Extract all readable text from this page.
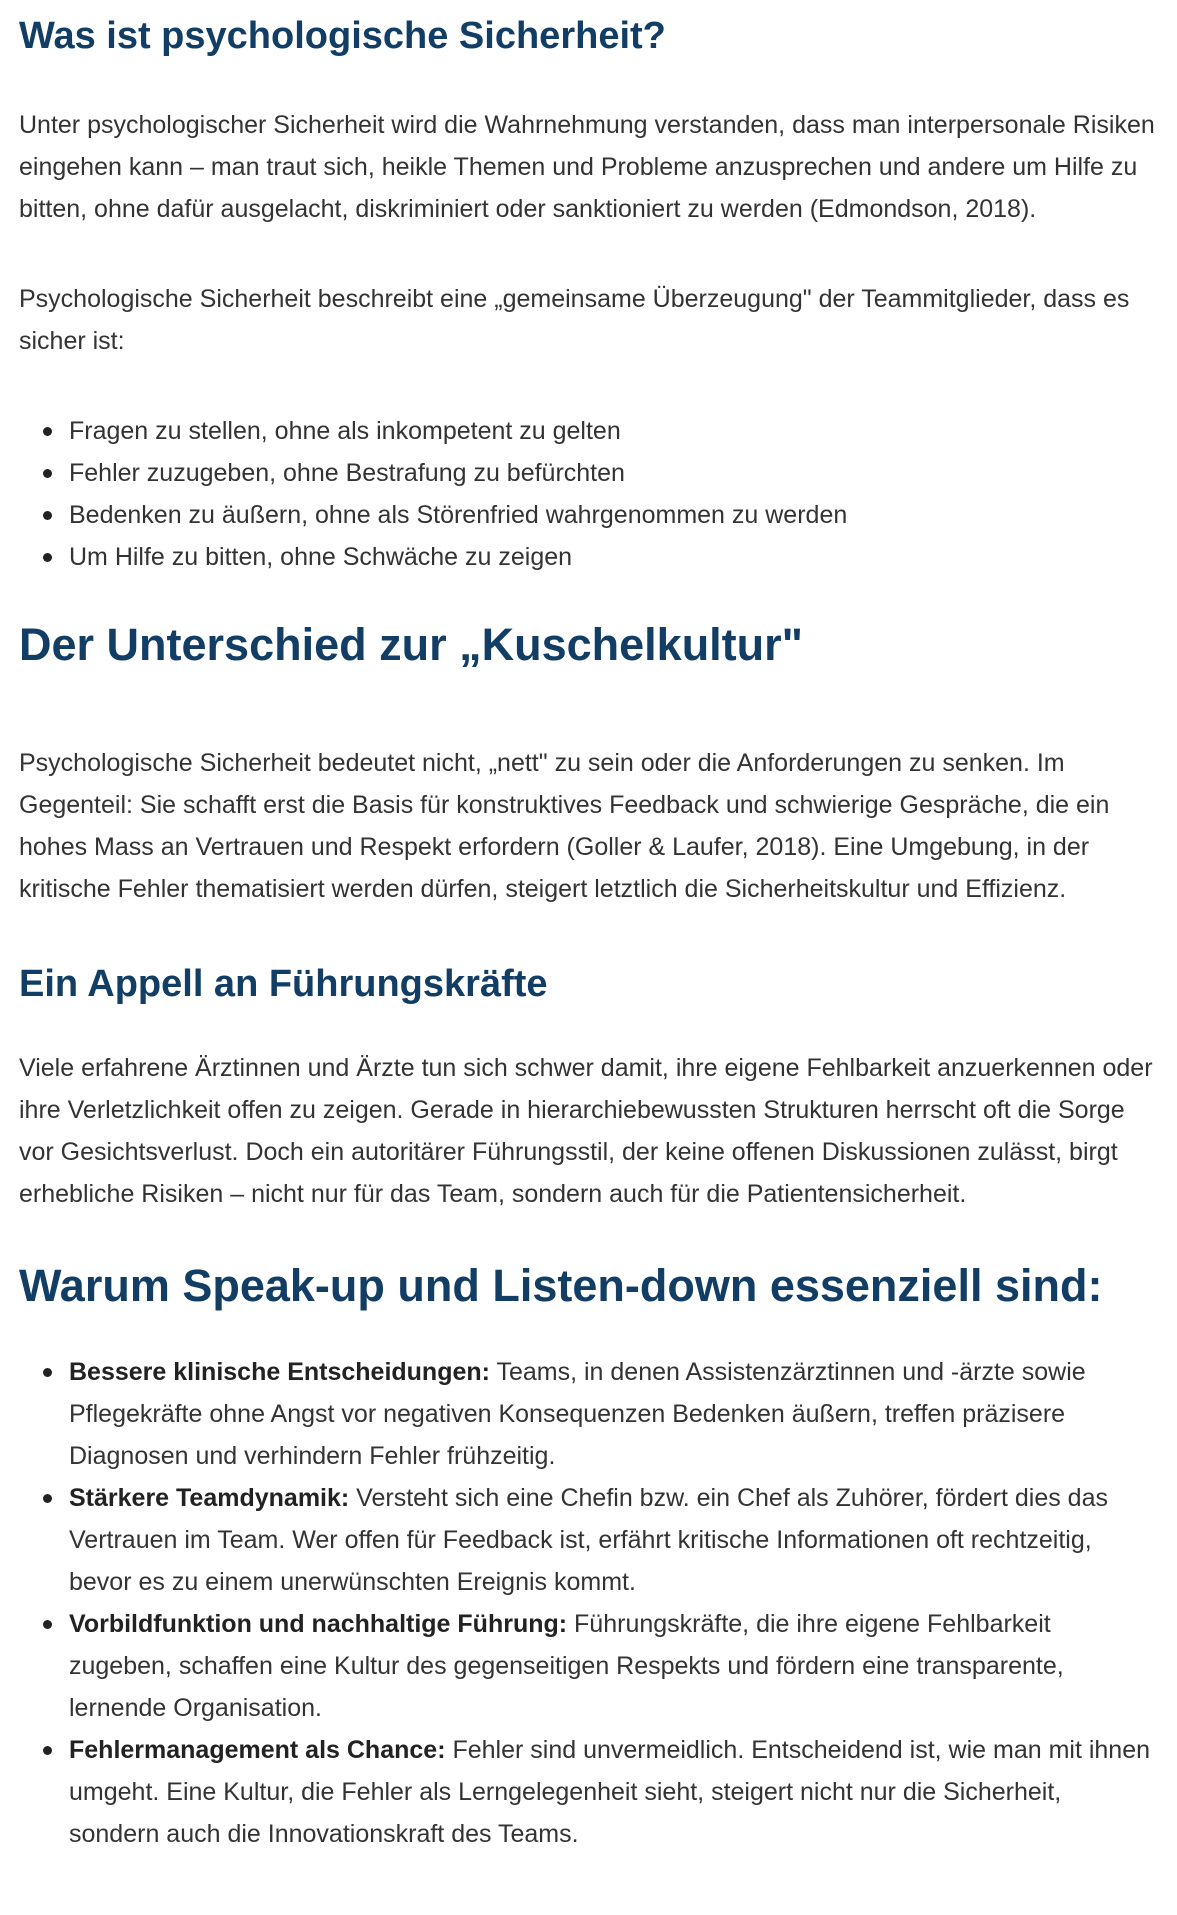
Was ist psychologische Sicherheit?

Unter psychologischer Sicherheit wird die Wahrnehmung verstanden, dass man interpersonale Risiken eingehen kann – man traut sich, heikle Themen und Probleme anzusprechen und andere um Hilfe zu bitten, ohne dafür ausgelacht, diskriminiert oder sanktioniert zu werden (Edmondson, 2018).

Psychologische Sicherheit beschreibt eine „gemeinsame Überzeugung" der Teammitglieder, dass es sicher ist:

Fragen zu stellen, ohne als inkompetent zu gelten
Fehler zuzugeben, ohne Bestrafung zu befürchten
Bedenken zu äußern, ohne als Störenfried wahrgenommen zu werden
Um Hilfe zu bitten, ohne Schwäche zu zeigen
Der Unterschied zur „Kuschelkultur"

Psychologische Sicherheit bedeutet nicht, „nett" zu sein oder die Anforderungen zu senken. Im Gegenteil: Sie schafft erst die Basis für konstruktives Feedback und schwierige Gespräche, die ein hohes Mass an Vertrauen und Respekt erfordern (Goller & Laufer, 2018). Eine Umgebung, in der kritische Fehler thematisiert werden dürfen, steigert letztlich die Sicherheitskultur und Effizienz.

Ein Appell an Führungskräfte

Viele erfahrene Ärztinnen und Ärzte tun sich schwer damit, ihre eigene Fehlbarkeit anzuerkennen oder ihre Verletzlichkeit offen zu zeigen. Gerade in hierarchiebewussten Strukturen herrscht oft die Sorge vor Gesichtsverlust. Doch ein autoritärer Führungsstil, der keine offenen Diskussionen zulässt, birgt erhebliche Risiken – nicht nur für das Team, sondern auch für die Patientensicherheit.

Warum Speak-up und Listen-down essenziell sind:
Bessere klinische Entscheidungen: Teams, in denen Assistenzärztinnen und -ärzte sowie Pflegekräfte ohne Angst vor negativen Konsequenzen Bedenken äußern, treffen präzisere Diagnosen und verhindern Fehler frühzeitig.
Stärkere Teamdynamik: Versteht sich eine Chefin bzw. ein Chef als Zuhörer, fördert dies das Vertrauen im Team. Wer offen für Feedback ist, erfährt kritische Informationen oft rechtzeitig, bevor es zu einem unerwünschten Ereignis kommt.
Vorbildfunktion und nachhaltige Führung: Führungskräfte, die ihre eigene Fehlbarkeit zugeben, schaffen eine Kultur des gegenseitigen Respekts und fördern eine transparente, lernende Organisation.
Fehlermanagement als Chance: Fehler sind unvermeidlich. Entscheidend ist, wie man mit ihnen umgeht. Eine Kultur, die Fehler als Lerngelegenheit sieht, steigert nicht nur die Sicherheit, sondern auch die Innovationskraft des Teams.
